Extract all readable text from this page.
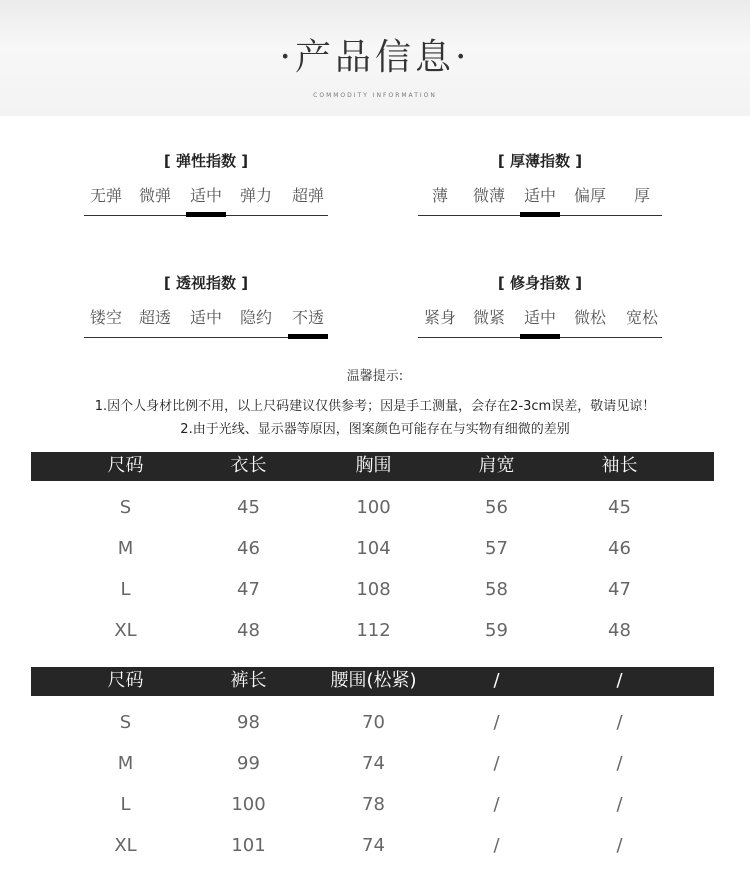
·产品信息·
COMMODITY INFORMATION
[ 弹性指数 ]
无弹	微弹	适中	弹力	超弹
[ 厚薄指数 ]
薄	微薄	适中	偏厚	厚
[ 透视指数 ]
镂空	超透	适中	隐约	不透
[ 修身指数 ]
紧身	微紧	适中	微松	宽松
温馨提示:
1.因个人身材比例不用，以上尺码建议仅供参考；因是手工测量，会存在2-3cm误差，敬请见谅！
2.由于光线、显示器等原因，图案颜色可能存在与实物有细微的差别
尺码	衣长	胸围	肩宽	袖长
S	45	100	56	45
M	46	104	57	46
L	47	108	58	47
XL	48	112	59	48
尺码	裤长	腰围(松紧)	/	/
S	98	70	/	/
M	99	74	/	/
L	100	78	/	/
XL	101	74	/	/
